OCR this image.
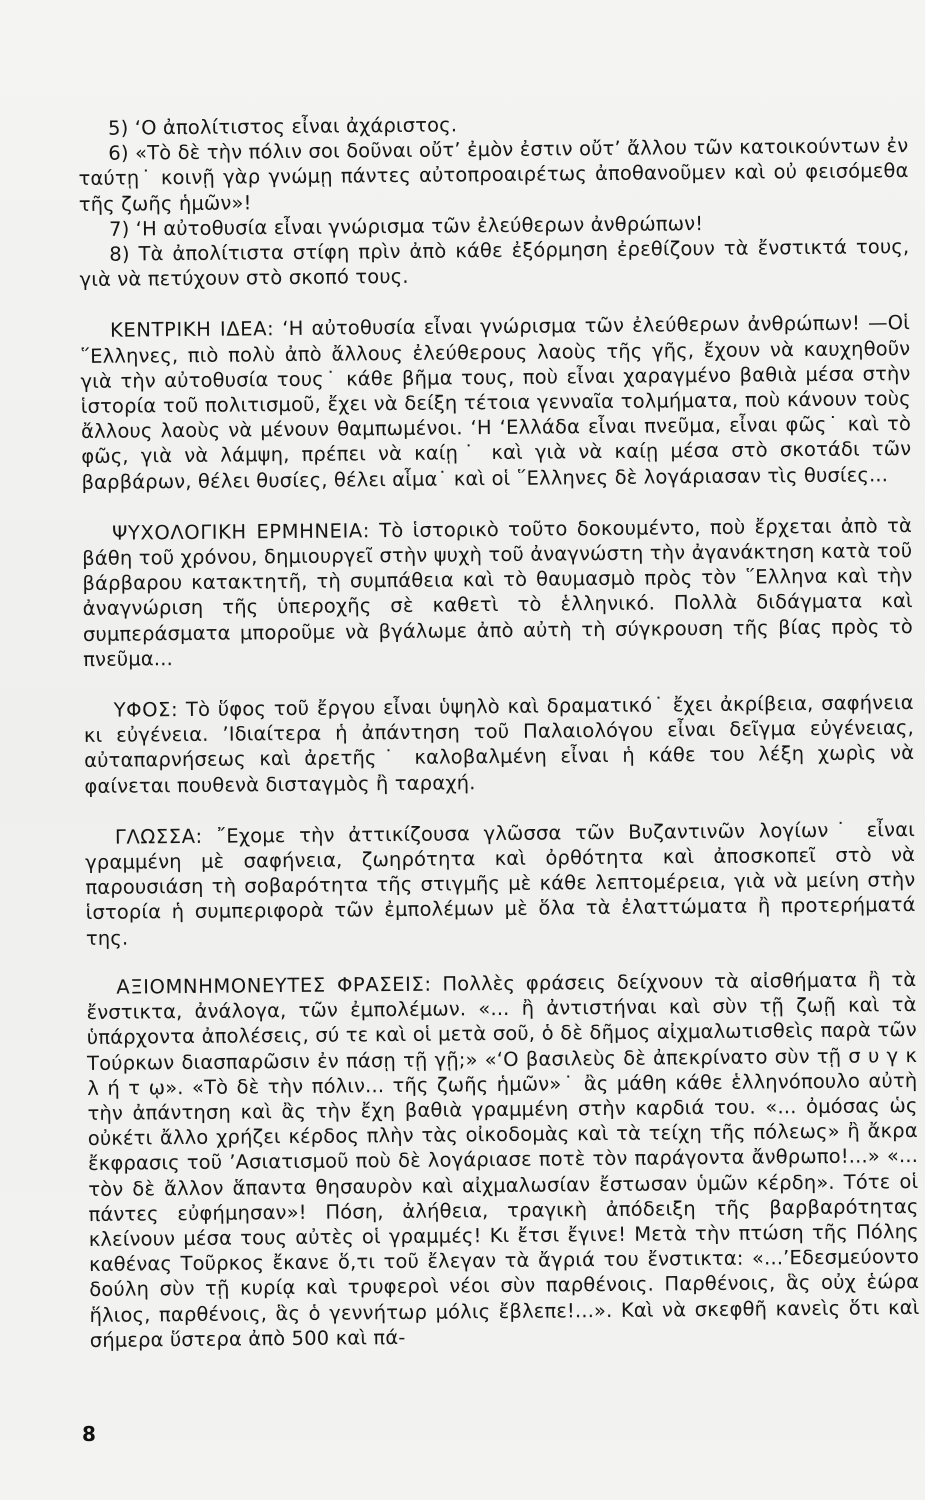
5) ‘Ο ἀπολίτιστος εἶναι ἀχάριστος.

6) «Τὸ δὲ τὴν πόλιν σοι δοῦναι οὔτ’ ἐμὸν ἐστιν οὔτ’ ἄλλου τῶν κατοικούντων ἐν ταύτῃ˙ κοινῇ γὰρ γνώμῃ πάντες αὐτοπροαιρέτως ἀποθανοῦμεν καὶ οὐ φεισόμεθα τῆς ζωῆς ἡμῶν»!

7) ‘Η αὐτοθυσία εἶναι γνώρισμα τῶν ἐλεύθερων ἀνθρώπων!

8) Τὰ ἀπολίτιστα στίφη πρὶν ἀπὸ κάθε ἐξόρμηση ἐρεθίζουν τὰ ἔνστικτά τους, γιὰ νὰ πετύχουν στὸ σκοπό τους.

ΚΕΝΤΡΙΚΗ ΙΔΕΑ: ‘Η αὐτοθυσία εἶναι γνώρισμα τῶν ἐλεύθερων ἀνθρώπων! —Οἱ ῞Ελληνες, πιὸ πολὺ ἀπὸ ἄλλους ἐλεύθερους λαοὺς τῆς γῆς, ἔχουν νὰ καυχηθοῦν γιὰ τὴν αὐτοθυσία τους˙ κάθε βῆμα τους, ποὺ εἶναι χαραγμένο βαθιὰ μέσα στὴν ἱστορία τοῦ πολιτισμοῦ, ἔχει νὰ δείξη τέτοια γενναῖα τολμήματα, ποὺ κάνουν τοὺς ἄλλους λαοὺς νὰ μένουν θαμπωμένοι. ‘Η ‘Ελλάδα εἶναι πνεῦμα, εἶναι φῶς˙ καὶ τὸ φῶς, γιὰ νὰ λάμψη, πρέπει νὰ καίῃ˙ καὶ γιὰ νὰ καίῃ μέσα στὸ σκοτάδι τῶν βαρβάρων, θέλει θυσίες, θέλει αἷμα˙ καὶ οἱ ῞Ελληνες δὲ λογάριασαν τὶς θυσίες...

ΨΥΧΟΛΟΓΙΚΗ ΕΡΜΗΝΕΙΑ: Τὸ ἱστορικὸ τοῦτο δοκουμέντο, ποὺ ἔρχεται ἀπὸ τὰ βάθη τοῦ χρόνου, δημιουργεῖ στὴν ψυχὴ τοῦ ἀναγνώστη τὴν ἀγανάκτηση κατὰ τοῦ βάρβαρου κατακτητῆ, τὴ συμπάθεια καὶ τὸ θαυμασμὸ πρὸς τὸν ῞Ελληνα καὶ τὴν ἀναγνώριση τῆς ὑπεροχῆς σὲ καθετὶ τὸ ἑλληνικό. Πολλὰ διδάγματα καὶ συμπεράσματα μποροῦμε νὰ βγάλωμε ἀπὸ αὐτὴ τὴ σύγκρουση τῆς βίας πρὸς τὸ πνεῦμα...

ΥΦΟΣ: Τὸ ὕφος τοῦ ἔργου εἶναι ὑψηλὸ καὶ δραματικό˙ ἔχει ἀκρίβεια, σαφήνεια κι εὐγένεια. ’Ιδιαίτερα ἡ ἀπάντηση τοῦ Παλαιολόγου εἶναι δεῖγμα εὐγένειας, αὐταπαρνήσεως καὶ ἀρετῆς˙ καλοβαλμένη εἶναι ἡ κάθε του λέξη χωρὶς νὰ φαίνεται πουθενὰ δισταγμὸς ἢ ταραχή.

ΓΛΩΣΣΑ: ῎Εχομε τὴν ἀττικίζουσα γλῶσσα τῶν Βυζαντινῶν λογίων˙ εἶναι γραμμένη μὲ σαφήνεια, ζωηρότητα καὶ ὀρθότητα καὶ ἀποσκοπεῖ στὸ νὰ παρουσιάση τὴ σοβαρότητα τῆς στιγμῆς μὲ κάθε λεπτομέρεια, γιὰ νὰ μείνη στὴν ἱστορία ἡ συμπεριφορὰ τῶν ἐμπολέμων μὲ ὅλα τὰ ἐλαττώματα ἢ προτερήματά της.

ΑΞΙΟΜΝΗΜΟΝΕΥΤΕΣ ΦΡΑΣΕΙΣ: Πολλὲς φράσεις δείχνουν τὰ αἰσθήματα ἢ τὰ ἔνστικτα, ἀνάλογα, τῶν ἐμπολέμων. «... ἢ ἀντιστήναι καὶ σὺν τῇ ζωῇ καὶ τὰ ὑπάρχοντα ἀπολέσεις, σύ τε καὶ οἱ μετὰ σοῦ, ὁ δὲ δῆμος αἰχμαλωτισθεὶς παρὰ τῶν Τούρκων διασπαρῶσιν ἐν πάσῃ τῇ γῇ;» «‘Ο βασιλεὺς δὲ ἀπεκρίνατο σὺν τῇ σ υ γ κ λ ή τ ῳ». «Τὸ δὲ τὴν πόλιν... τῆς ζωῆς ἡμῶν»˙ ἂς μάθη κάθε ἑλληνόπουλο αὐτὴ τὴν ἀπάντηση καὶ ἂς τὴν ἔχη βαθιὰ γραμμένη στὴν καρδιά του. «... ὀμόσας ὡς οὐκέτι ἄλλο χρήζει κέρδος πλὴν τὰς οἰκοδομὰς καὶ τὰ τείχη τῆς πόλεως» ἢ ἄκρα ἔκφρασις τοῦ ’Ασιατισμοῦ ποὺ δὲ λογάριασε ποτὲ τὸν παράγοντα ἄνθρωπο!...» «... τὸν δὲ ἄλλον ἅπαντα θησαυρὸν καὶ αἰχμαλωσίαν ἔστωσαν ὑμῶν κέρδη». Τότε οἱ πάντες εὐφήμησαν»! Πόση, ἀλήθεια, τραγικὴ ἀπόδειξη τῆς βαρβαρότητας κλείνουν μέσα τους αὐτὲς οἱ γραμμές! Κι ἔτσι ἔγινε! Μετὰ τὴν πτώση τῆς Πόλης καθένας Τοῦρκος ἔκανε ὅ,τι τοῦ ἔλεγαν τὰ ἄγριά του ἔνστικτα: «...’Εδεσμεύοντο δούλη σὺν τῇ κυρίᾳ καὶ τρυφεροὶ νέοι σὺν παρθένοις. Παρθένοις, ἃς οὐχ ἑώρα ἥλιος, παρθένοις, ἃς ὁ γεννήτωρ μόλις ἔβλεπε!...». Καὶ νὰ σκεφθῆ κανεὶς ὅτι καὶ σήμερα ὕστερα ἀπὸ 500 καὶ πά-

8
